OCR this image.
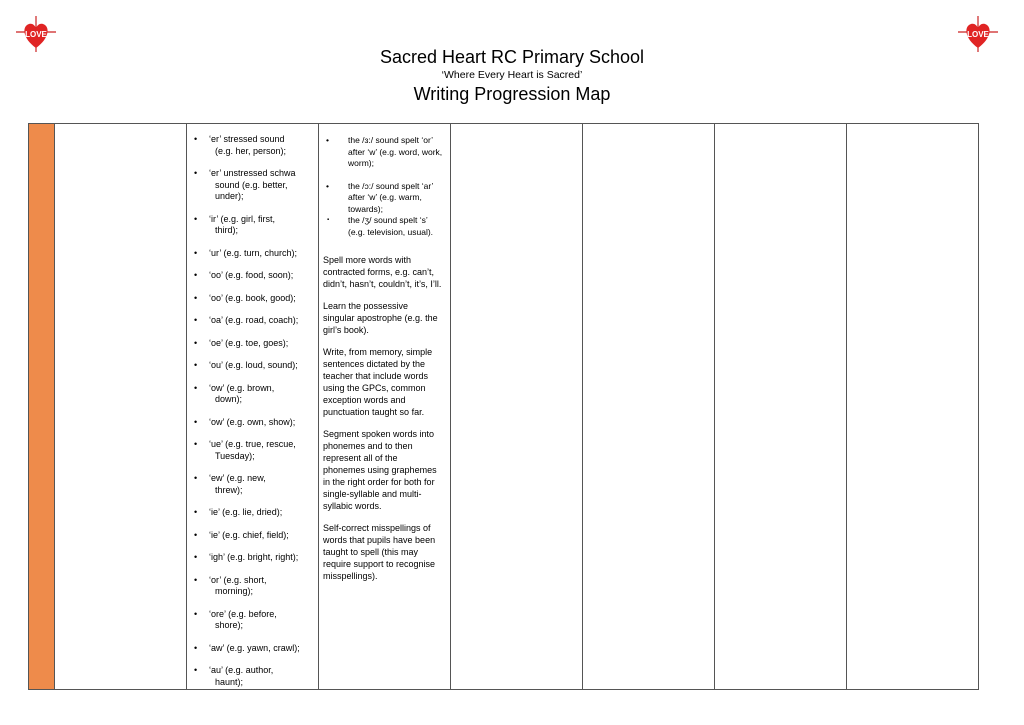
LOVE	LOVE
Sacred Heart RC Primary School
‘Where Every Heart is Sacred’
Writing Progression Map
• ‘er’ stressed sound
(e.g. her, person);
• ‘er’ unstressed schwa
sound (e.g. better, under);
• ‘ir’ (e.g. girl, first,
third);
• ‘ur’ (e.g. turn, church);
• ‘oo’ (e.g. food, soon);
• ‘oo’ (e.g. book, good);
• ‘oa’ (e.g. road, coach);
• ‘oe’ (e.g. toe, goes);
• ‘ou’ (e.g. loud, sound);
• ‘ow’ (e.g. brown,
down);
• ‘ow’ (e.g. own, show);
• ‘ue’ (e.g. true, rescue,
Tuesday);
• ‘ew’ (e.g. new,
threw);
• ‘ie’ (e.g. lie, dried);
• ‘ie’ (e.g. chief, field);
• ‘igh’ (e.g. bright, right);
• ‘or’ (e.g. short,
morning);
• ‘ore’ (e.g. before,
shore);
• ‘aw’ (e.g. yawn, crawl);
• ‘au’ (e.g. author,
haunt);
• the /ɜ:/ sound spelt ‘or’ after ‘w’ (e.g. word, work, worm);
• the /ɔ:/ sound spelt ‘ar’ after ‘w’ (e.g. warm, towards);
▪ the /ʒ/ sound spelt ‘s’ (e.g. television, usual).

Spell more words with contracted forms, e.g. can’t, didn’t, hasn’t, couldn’t, it’s, I’ll.

Learn the possessive singular apostrophe (e.g. the girl’s book).

Write, from memory, simple sentences dictated by the teacher that include words using the GPCs, common exception words and punctuation taught so far.

Segment spoken words into phonemes and to then represent all of the phonemes using graphemes in the right order for both for single-syllable and multi-syllabic words.

Self-correct misspellings of words that pupils have been taught to spell (this may require support to recognise misspellings).
